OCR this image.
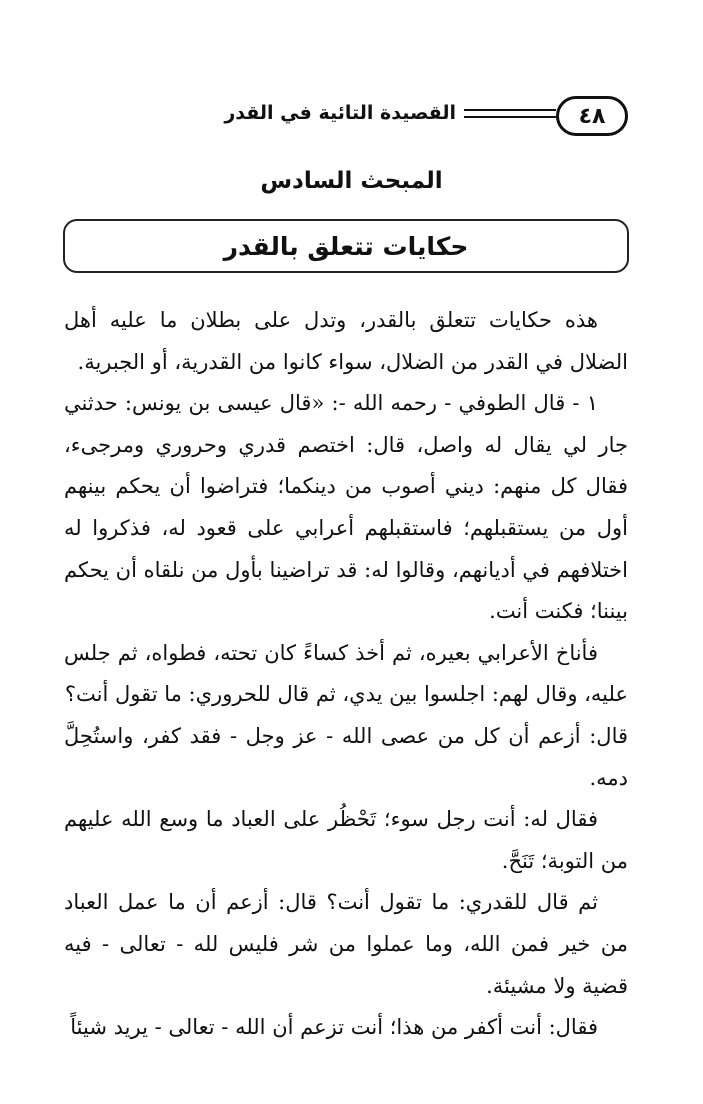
٤٨
القصيدة التائية في القدر
المبحث السادس
حكايات تتعلق بالقدر

هذه حكايات تتعلق بالقدر، وتدل على بطلان ما عليه أهل الضلال في القدر من الضلال، سواء كانوا من القدرية، أو الجبرية.

١ - قال الطوفي - رحمه الله -: «قال عيسى بن يونس: حدثني جار لي يقال له واصل، قال: اختصم قدري وحروري ومرجىء، فقال كل منهم: ديني أصوب من دينكما؛ فتراضوا أن يحكم بينهم أول من يستقبلهم؛ فاستقبلهم أعرابي على قعود له، فذكروا له اختلافهم في أديانهم، وقالوا له: قد تراضينا بأول من نلقاه أن يحكم بيننا؛ فكنت أنت.

فأناخ الأعرابي بعيره، ثم أخذ كساءً كان تحته، فطواه، ثم جلس عليه، وقال لهم: اجلسوا بين يدي، ثم قال للحروري: ما تقول أنت؟

قال: أزعم أن كل من عصى الله - عز وجل - فقد كفر، واستُحِلَّ دمه.

فقال له: أنت رجل سوء؛ تَحْظُر على العباد ما وسع الله عليهم من التوبة؛ تَنَحَّ.

ثم قال للقدري: ما تقول أنت؟ قال: أزعم أن ما عمل العباد من خير فمن الله، وما عملوا من شر فليس لله - تعالى - فيه قضية ولا مشيئة.

فقال: أنت أكفر من هذا؛ أنت تزعم أن الله - تعالى - يريد شيئاً
